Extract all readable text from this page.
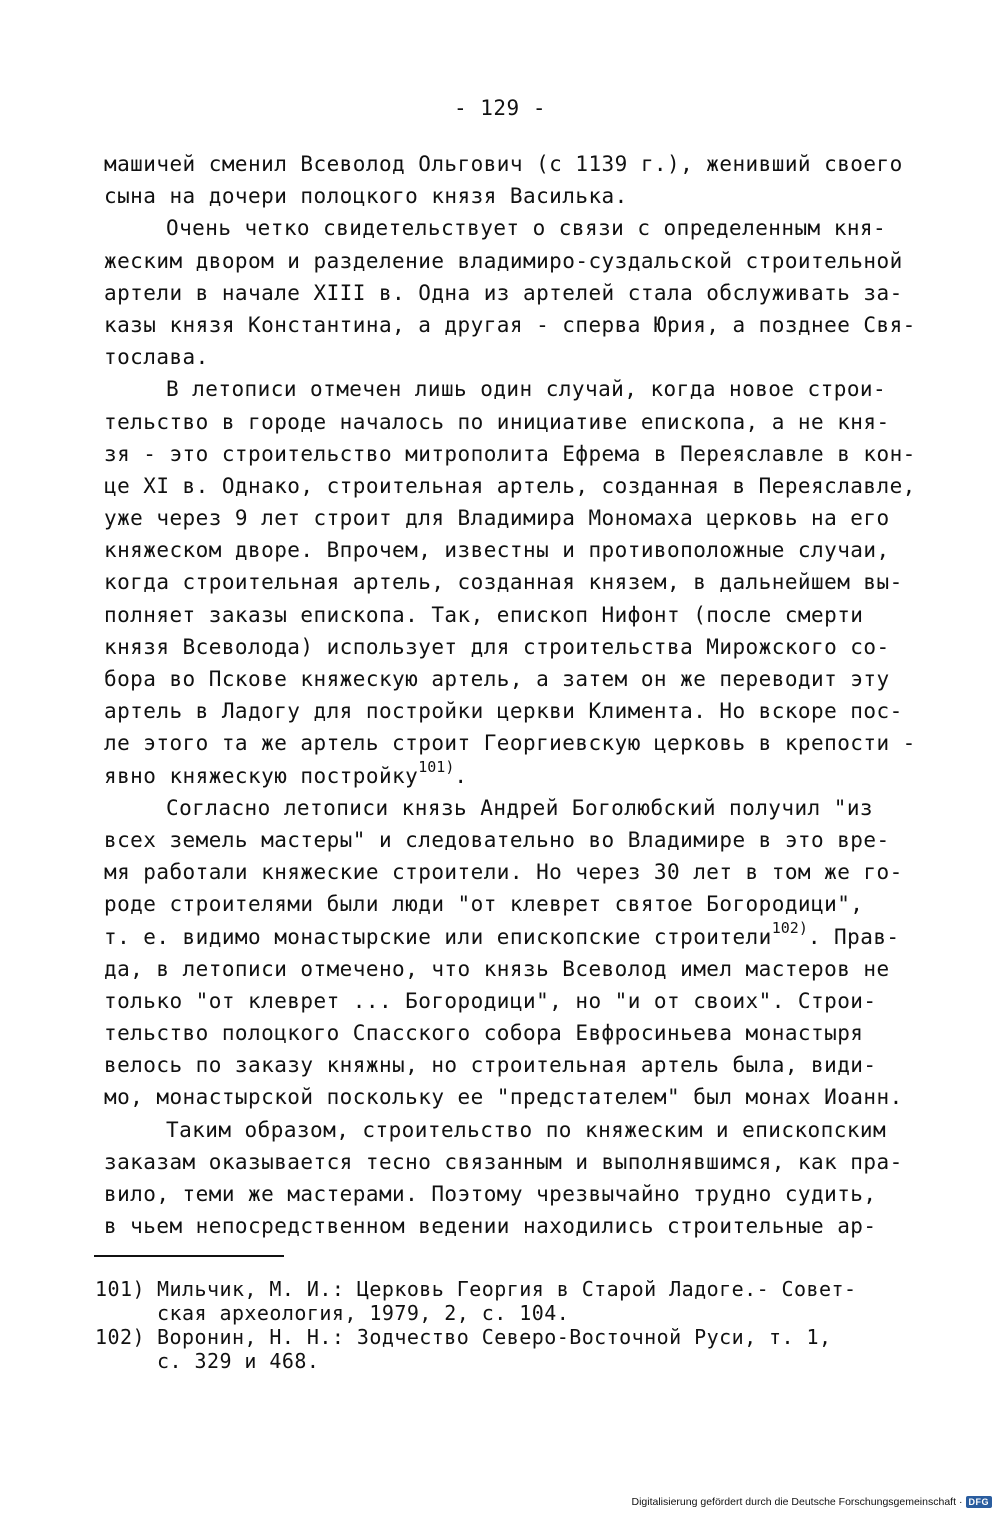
- 129 -
машичей сменил Всеволод Ольгович (с 1139 г.), женивший своего
сына на дочери полоцкого князя Василька.
Очень четко свидетельствует о связи с определенным кня-
жеским двором и разделение владимиро-суздальской строительной
артели в начале XIII в. Одна из артелей стала обслуживать за-
казы князя Константина, а другая - сперва Юрия, а позднее Свя-
тослава.
В летописи отмечен лишь один случай, когда новое строи-
тельство в городе началось по инициативе епископа, а не кня-
зя - это строительство митрополита Ефрема в Переяславле в кон-
це XI в. Однако, строительная артель, созданная в Переяславле,
уже через 9 лет строит для Владимира Мономаха церковь на его
княжеском дворе. Впрочем, известны и противоположные случаи,
когда строительная артель, созданная князем, в дальнейшем вы-
полняет заказы епископа. Так, епископ Нифонт (после смерти
князя Всеволода) использует для строительства Мирожского со-
бора во Пскове княжескую артель, а затем он же переводит эту
артель в Ладогу для постройки церкви Климента. Но вскоре пос-
ле этого та же артель строит Георгиевскую церковь в крепости -
явно княжескую постройку$^{101)}$.
Согласно летописи князь Андрей Боголюбский получил "из
всех земель мастеры" и следовательно во Владимире в это вре-
мя работали княжеские строители. Но через 30 лет в том же го-
роде строителями были люди "от клеврет святое Богородици",
т. е. видимо монастырские или епископские строители$^{102)}$. Прав-
да, в летописи отмечено, что князь Всеволод имел мастеров не
только "от клеврет ... Богородици", но "и от своих". Строи-
тельство полоцкого Спасского собора Евфросиньева монастыря
велось по заказу княжны, но строительная артель была, види-
мо, монастырской поскольку ее "предстателем" был монах Иоанн.
Таким образом, строительство по княжеским и епископским
заказам оказывается тесно связанным и выполнявшимся, как пра-
вило, теми же мастерами. Поэтому чрезвычайно трудно судить,
в чьем непосредственном ведении находились строительные ар-
101) Мильчик, М. И.: Церковь Георгия в Старой Ладоге.- Совет-
ская археология, 1979, 2, с. 104.
102) Воронин, Н. Н.: Зодчество Северо-Восточной Руси, т. 1,
с. 329 и 468.
Digitalisierung gefördert durch die Deutsche Forschungsgemeinschaft · DFG
